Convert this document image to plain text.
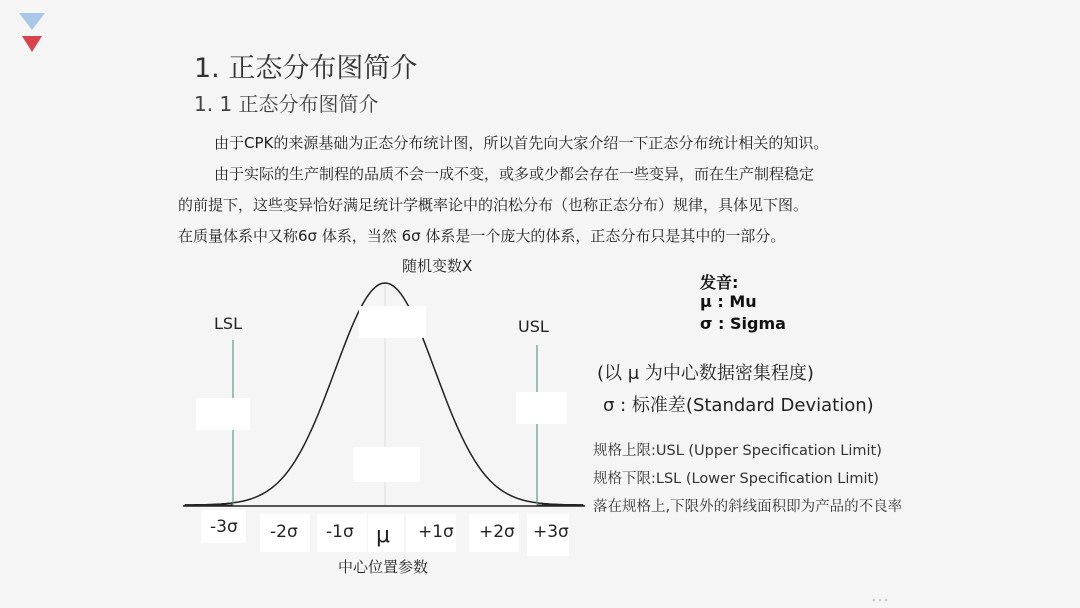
1. 正态分布图简介
1. 1 正态分布图简介
由于CPK的来源基础为正态分布统计图，所以首先向大家介绍一下正态分布统计相关的知识。
由于实际的生产制程的品质不会一成不变，或多或少都会存在一些变异，而在生产制程稳定
的前提下，这些变异恰好满足统计学概率论中的泊松分布（也称正态分布）规律，具体见下图。
在质量体系中又称6σ 体系，当然 6σ 体系是一个庞大的体系，正态分布只是其中的一部分。
随机变数X
LSL	USL
-3σ -2σ -1σ μ +1σ +2σ +3σ
中心位置参数
发音:
μ : Mu
σ : Sigma
(以 μ 为中心数据密集程度)
σ : 标准差(Standard Deviation)
规格上限:USL (Upper Specification Limit)
规格下限:LSL (Lower Specification Limit)
落在规格上,下限外的斜线面积即为产品的不良率
